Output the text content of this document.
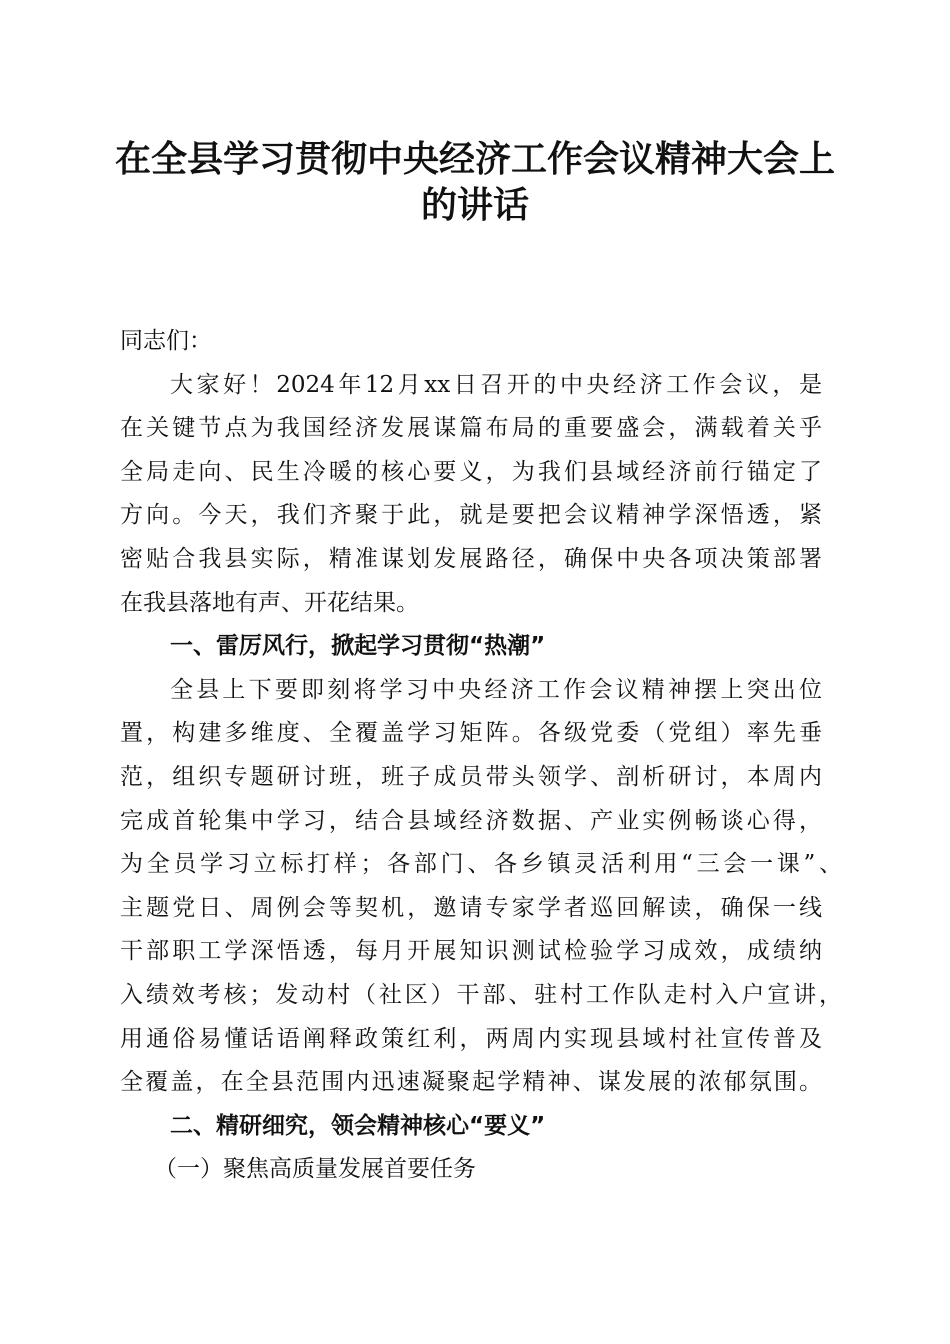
在全县学习贯彻中央经济工作会议精神大会上
的讲话
同志们：
大家好！2024年12月xx日召开的中央经济工作会议，是
在关键节点为我国经济发展谋篇布局的重要盛会，满载着关乎
全局走向、民生冷暖的核心要义，为我们县域经济前行锚定了
方向。今天，我们齐聚于此，就是要把会议精神学深悟透，紧
密贴合我县实际，精准谋划发展路径，确保中央各项决策部署
在我县落地有声、开花结果。
一、雷厉风行，掀起学习贯彻“热潮”
全县上下要即刻将学习中央经济工作会议精神摆上突出位
置，构建多维度、全覆盖学习矩阵。各级党委（党组）率先垂
范，组织专题研讨班，班子成员带头领学、剖析研讨，本周内
完成首轮集中学习，结合县域经济数据、产业实例畅谈心得，
为全员学习立标打样；各部门、各乡镇灵活利用“三会一课”、
主题党日、周例会等契机，邀请专家学者巡回解读，确保一线
干部职工学深悟透，每月开展知识测试检验学习成效，成绩纳
入绩效考核；发动村（社区）干部、驻村工作队走村入户宣讲，
用通俗易懂话语阐释政策红利，两周内实现县域村社宣传普及
全覆盖，在全县范围内迅速凝聚起学精神、谋发展的浓郁氛围。
二、精研细究，领会精神核心“要义”
（一）聚焦高质量发展首要任务
